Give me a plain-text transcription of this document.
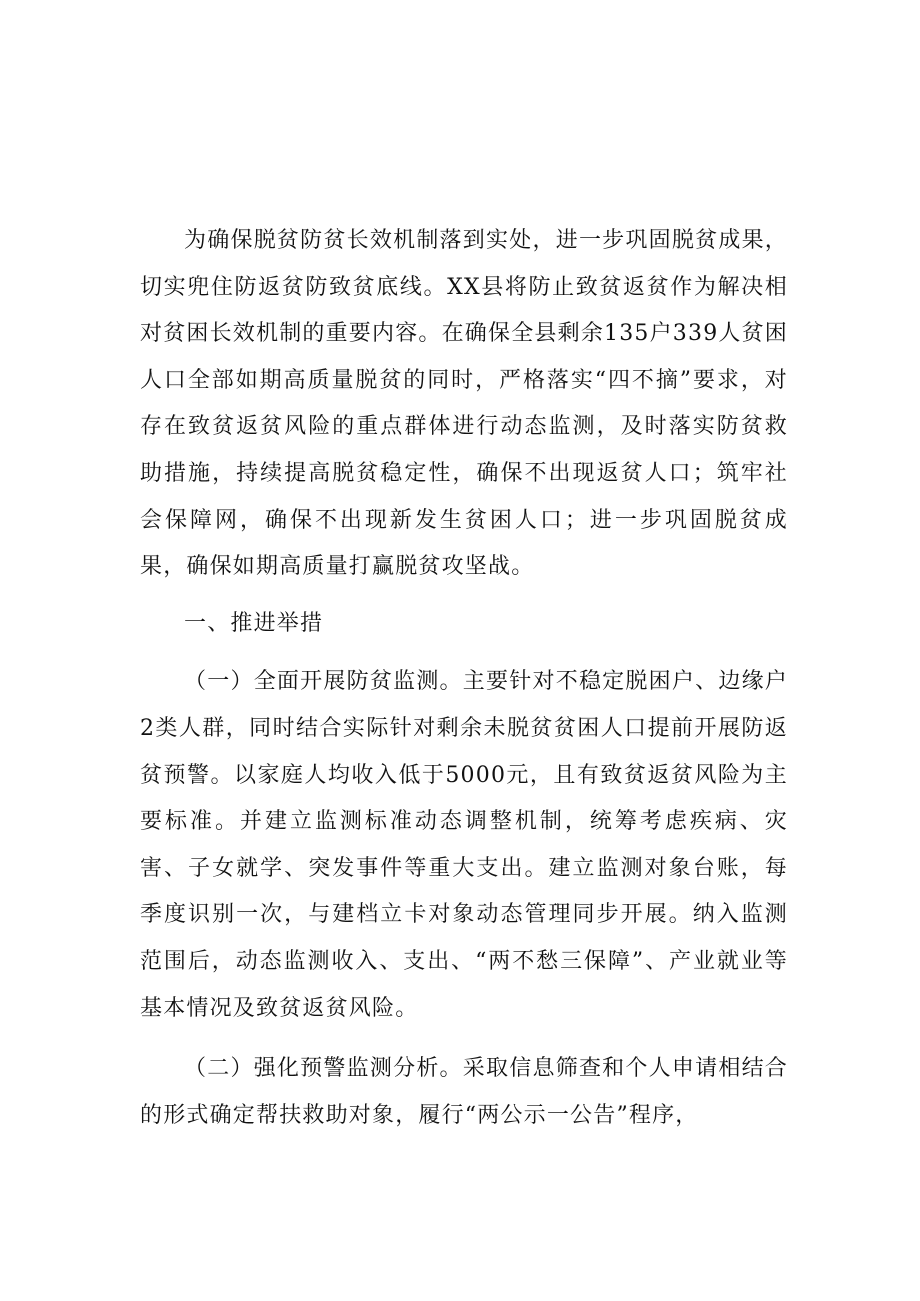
为确保脱贫防贫长效机制落到实处，进一步巩固脱贫成果，切实兜住防返贫防致贫底线。XX县将防止致贫返贫作为解决相对贫困长效机制的重要内容。在确保全县剩余135户339人贫困人口全部如期高质量脱贫的同时，严格落实“四不摘”要求，对存在致贫返贫风险的重点群体进行动态监测，及时落实防贫救助措施，持续提高脱贫稳定性，确保不出现返贫人口；筑牢社会保障网，确保不出现新发生贫困人口；进一步巩固脱贫成果，确保如期高质量打赢脱贫攻坚战。

一、推进举措

（一）全面开展防贫监测。主要针对不稳定脱困户、边缘户2类人群，同时结合实际针对剩余未脱贫贫困人口提前开展防返贫预警。以家庭人均收入低于5000元，且有致贫返贫风险为主要标准。并建立监测标准动态调整机制，统筹考虑疾病、灾害、子女就学、突发事件等重大支出。建立监测对象台账，每季度识别一次，与建档立卡对象动态管理同步开展。纳入监测范围后，动态监测收入、支出、“两不愁三保障”、产业就业等基本情况及致贫返贫风险。

（二）强化预警监测分析。采取信息筛查和个人申请相结合的形式确定帮扶救助对象，履行“两公示一公告”程序，
